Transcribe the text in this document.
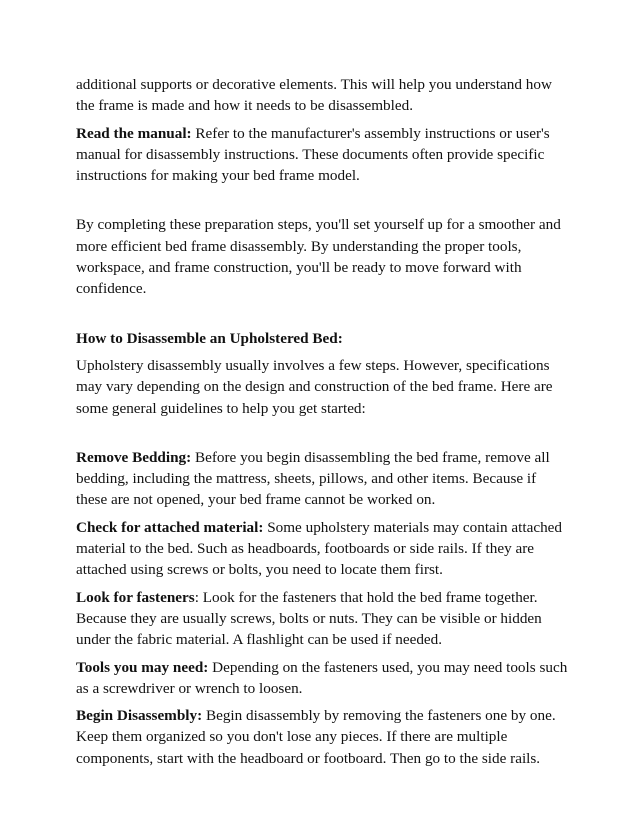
additional supports or decorative elements. This will help you understand how the frame is made and how it needs to be disassembled.

Read the manual: Refer to the manufacturer's assembly instructions or user's manual for disassembly instructions. These documents often provide specific instructions for making your bed frame model.

By completing these preparation steps, you'll set yourself up for a smoother and more efficient bed frame disassembly. By understanding the proper tools, workspace, and frame construction, you'll be ready to move forward with confidence.

How to Disassemble an Upholstered Bed:

Upholstery disassembly usually involves a few steps. However, specifications may vary depending on the design and construction of the bed frame. Here are some general guidelines to help you get started:

Remove Bedding: Before you begin disassembling the bed frame, remove all bedding, including the mattress, sheets, pillows, and other items. Because if these are not opened, your bed frame cannot be worked on.

Check for attached material: Some upholstery materials may contain attached material to the bed. Such as headboards, footboards or side rails. If they are attached using screws or bolts, you need to locate them first.

Look for fasteners: Look for the fasteners that hold the bed frame together. Because they are usually screws, bolts or nuts. They can be visible or hidden under the fabric material. A flashlight can be used if needed.

Tools you may need: Depending on the fasteners used, you may need tools such as a screwdriver or wrench to loosen.

Begin Disassembly: Begin disassembly by removing the fasteners one by one. Keep them organized so you don't lose any pieces. If there are multiple components, start with the headboard or footboard. Then go to the side rails.
